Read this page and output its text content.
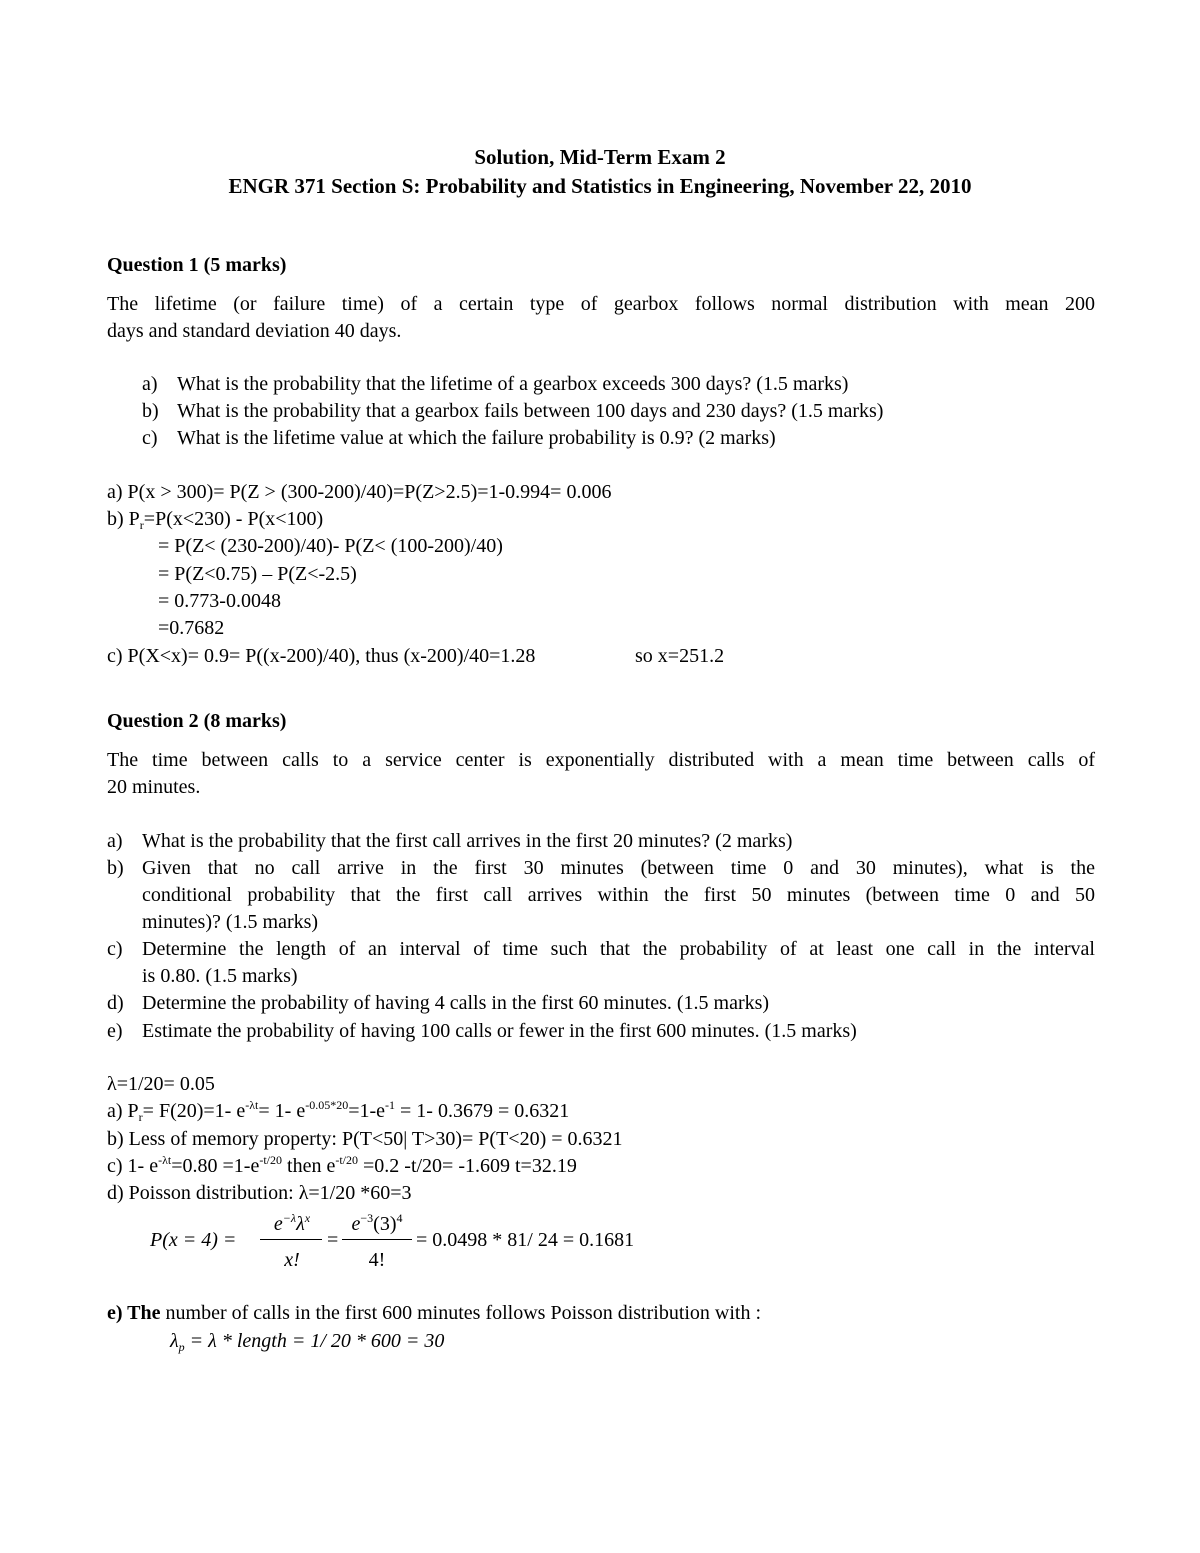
Solution, Mid-Term Exam 2
ENGR 371 Section S: Probability and Statistics in Engineering, November 22, 2010
Question 1 (5 marks)
The lifetime (or failure time) of a certain type of gearbox follows normal distribution with mean 200
days and standard deviation 40 days.
a) What is the probability that the lifetime of a gearbox exceeds 300 days? (1.5 marks)
b) What is the probability that a gearbox fails between 100 days and 230 days? (1.5 marks)
c) What is the lifetime value at which the failure probability is 0.9? (2 marks)
a) P(x > 300)= P(Z > (300-200)/40)=P(Z>2.5)=1-0.994= 0.006
b) $P_r=P(x<230) - P(x<100)$
= P(Z< (230-200)/40)- P(Z< (100-200)/40)
= P(Z<0.75) – P(Z<-2.5)
= 0.773-0.0048
=0.7682
c) P(X<x)= 0.9= P((x-200)/40), thus (x-200)/40=1.28	so x=251.2
Question 2 (8 marks)
The time between calls to a service center is exponentially distributed with a mean time between calls of
20 minutes.
a) What is the probability that the first call arrives in the first 20 minutes? (2 marks)
b) Given that no call arrive in the first 30 minutes (between time 0 and 30 minutes), what is the
conditional probability that the first call arrives within the first 50 minutes (between time 0 and 50
minutes)? (1.5 marks)
c) Determine the length of an interval of time such that the probability of at least one call in the interval
is 0.80. (1.5 marks)
d) Determine the probability of having 4 calls in the first 60 minutes. (1.5 marks)
e) Estimate the probability of having 100 calls or fewer in the first 600 minutes. (1.5 marks)
λ=1/20= 0.05
a) $P_r= F(20)=1-$ $e^{-\lambda t}= 1-$ $e^{-0.05*20}=1-e^{-1} = 1-$ 0.3679 = 0.6321
b) Less of memory property: P(T<50| T>30)= P(T<20) = 0.6321
c) 1- $e^{-\lambda t}=0.80 =1-e^{-t/20}$ then $e^{-t/20} =0.2$ -t/20= -1.609 t=32.19
d) Poisson distribution: λ=1/20 *60=3
P(x = 4) =
$e^{-\lambda}\lambda^x$
x!
=
$e^{-3}(3)^4$
4!
= 0.0498 * 81/ 24 = 0.1681
e) The number of calls in the first 600 minutes follows Poisson distribution with :
$\lambda_p = \lambda$ * length = 1/ 20 * 600 = 30
